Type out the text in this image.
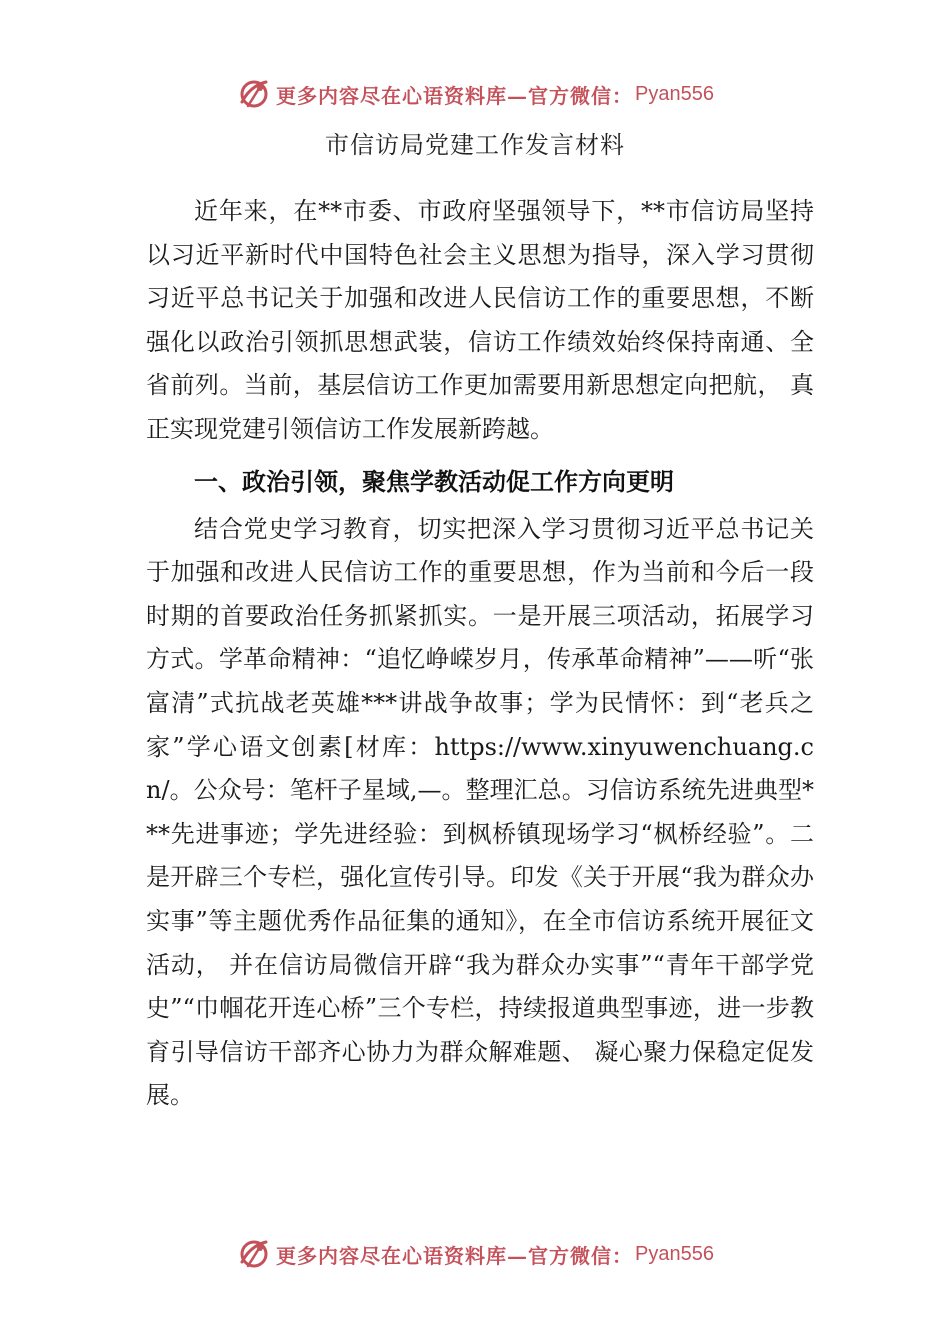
更多内容尽在心语资料库—官方微信： Pyan556
市信访局党建工作发言材料

近年来，在**市委、市政府坚强领导下，**市信访局坚持以习近平新时代中国特色社会主义思想为指导，深入学习贯彻习近平总书记关于加强和改进人民信访工作的重要思想，不断强化以政治引领抓思想武装，信访工作绩效始终保持南通、全省前列。当前，基层信访工作更加需要用新思想定向把航， 真正实现党建引领信访工作发展新跨越。

一、政治引领，聚焦学教活动促工作方向更明

结合党史学习教育，切实把深入学习贯彻习近平总书记关于加强和改进人民信访工作的重要思想，作为当前和今后一段时期的首要政治任务抓紧抓实。一是开展三项活动，拓展学习方式。学革命精神：“追忆峥嵘岁月，传承革命精神”——听“张富清”式抗战老英雄***讲战争故事；学为民情怀：到“老兵之家”学心语文创素[材库：https://www.xinyuwenchuang.cn/。公众号：笔杆子星域,—。整理汇总。习信访系统先进典型***先进事迹；学先进经验：到枫桥镇现场学习“枫桥经验”。二是开辟三个专栏，强化宣传引导。印发《关于开展“我为群众办实事”等主题优秀作品征集的通知》，在全市信访系统开展征文活动， 并在信访局微信开辟“我为群众办实事”“青年干部学党史”“巾帼花开连心桥”三个专栏，持续报道典型事迹，进一步教育引导信访干部齐心协力为群众解难题、 凝心聚力保稳定促发展。

更多内容尽在心语资料库—官方微信： Pyan556
